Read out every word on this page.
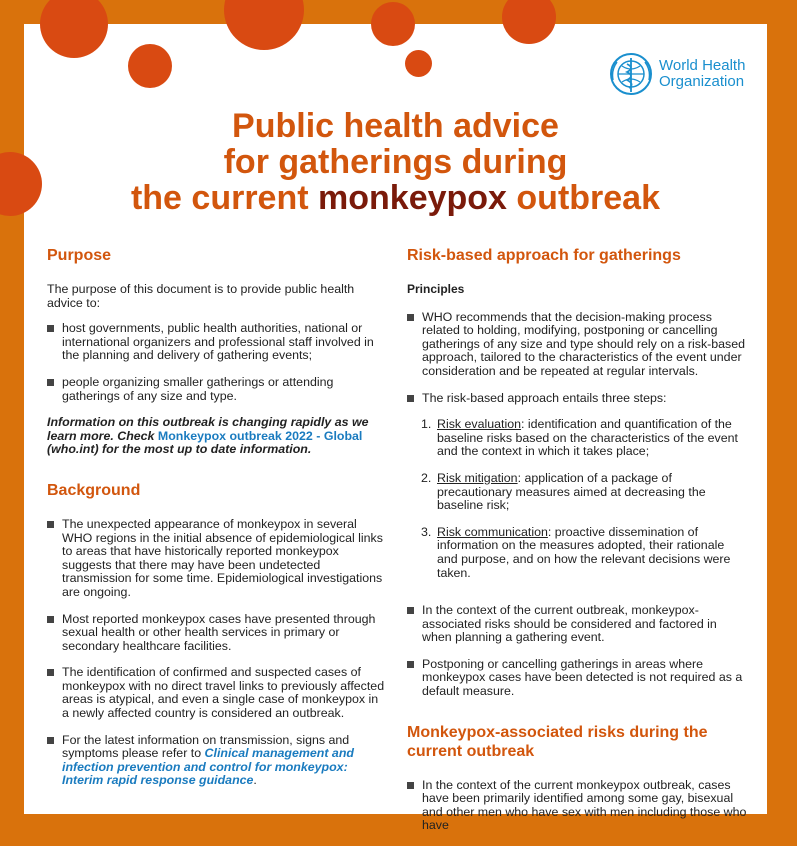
World Health
Organization
Public health advice
for gatherings during
the current monkeypox outbreak
Purpose

The purpose of this document is to provide public health advice to:

host governments, public health authorities, national or international organizers and professional staff involved in the planning and delivery of gathering events;
people organizing smaller gatherings or attending gatherings of any size and type.

Information on this outbreak is changing rapidly as we learn more. Check Monkeypox outbreak 2022 - Global (who.int) for the most up to date information.

Background
The unexpected appearance of monkeypox in several WHO regions in the initial absence of epidemiological links to areas that have historically reported monkeypox suggests that there may have been undetected transmission for some time. Epidemiological investigations are ongoing.
Most reported monkeypox cases have presented through sexual health or other health services in primary or secondary healthcare facilities.
The identification of confirmed and suspected cases of monkeypox with no direct travel links to previously affected areas is atypical, and even a single case of monkeypox in a newly affected country is considered an outbreak.
For the latest information on transmission, signs and symptoms please refer to Clinical management and infection prevention and control for monkeypox: Interim rapid response guidance.
Risk-based approach for gatherings
Principles
WHO recommends that the decision-making process related to holding, modifying, postponing or cancelling gatherings of any size and type should rely on a risk-based approach, tailored to the characteristics of the event under consideration and be repeated at regular intervals.
The risk-based approach entails three steps:
1. Risk evaluation: identification and quantification of the baseline risks based on the characteristics of the event and the context in which it takes place;
2. Risk mitigation: application of a package of precautionary measures aimed at decreasing the baseline risk;
3. Risk communication: proactive dissemination of information on the measures adopted, their rationale and purpose, and on how the relevant decisions were taken.
In the context of the current outbreak, monkeypox-associated risks should be considered and factored in when planning a gathering event.
Postponing or cancelling gatherings in areas where monkeypox cases have been detected is not required as a default measure.
Monkeypox-associated risks during the current outbreak
In the context of the current monkeypox outbreak, cases have been primarily identified among some gay, bisexual and other men who have sex with men including those who have
